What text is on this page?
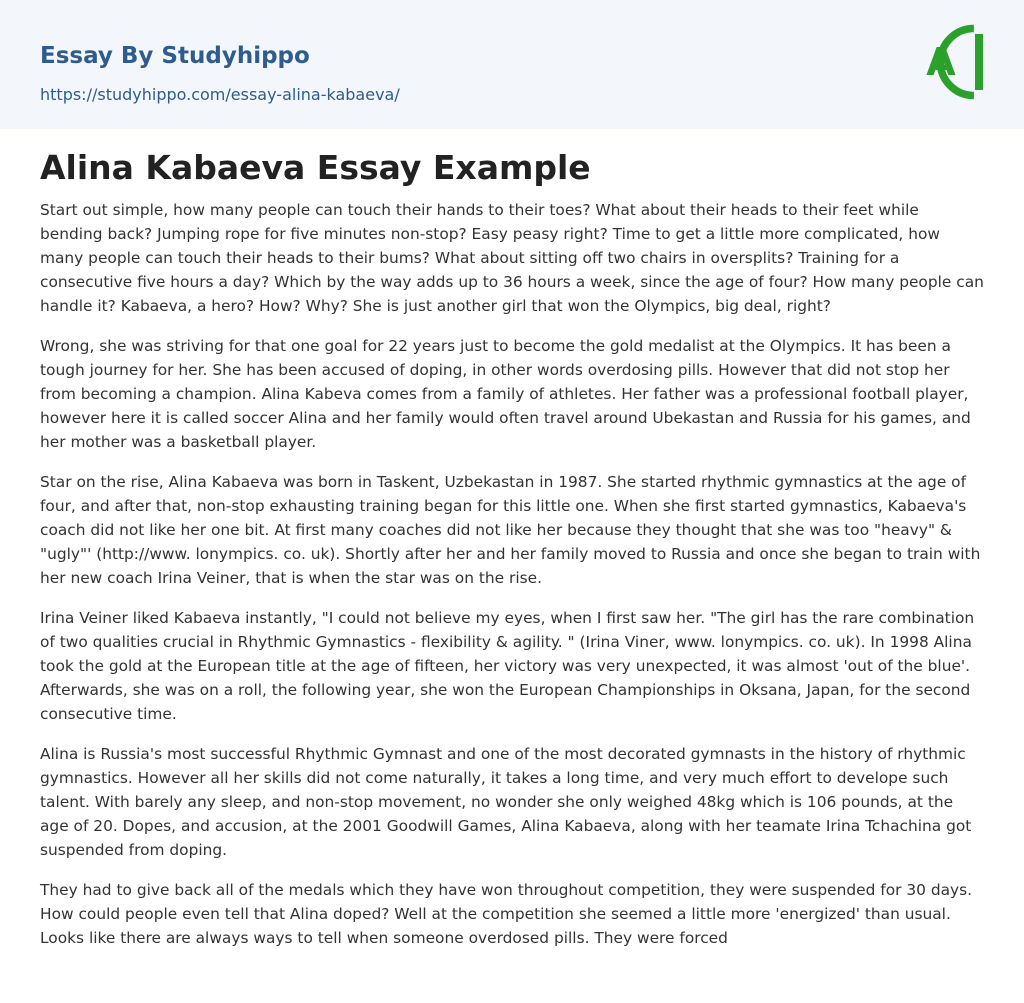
Essay By Studyhippo
https://studyhippo.com/essay-alina-kabaeva/
A
Alina Kabaeva Essay Example

Start out simple, how many people can touch their hands to their toes? What about their heads to their feet while bending back? Jumping rope for five minutes non-stop? Easy peasy right? Time to get a little more complicated, how many people can touch their heads to their bums? What about sitting off two chairs in oversplits? Training for a consecutive five hours a day? Which by the way adds up to 36 hours a week, since the age of four? How many people can handle it? Kabaeva, a hero? How? Why? She is just another girl that won the Olympics, big deal, right?

Wrong, she was striving for that one goal for 22 years just to become the gold medalist at the Olympics. It has been a tough journey for her. She has been accused of doping, in other words overdosing pills. However that did not stop her from becoming a champion. Alina Kabeva comes from a family of athletes. Her father was a professional football player, however here it is called soccer Alina and her family would often travel around Ubekastan and Russia for his games, and her mother was a basketball player.

Star on the rise, Alina Kabaeva was born in Taskent, Uzbekastan in 1987. She started rhythmic gymnastics at the age of four, and after that, non-stop exhausting training began for this little one. When she first started gymnastics, Kabaeva's coach did not like her one bit. At first many coaches did not like her because they thought that she was too "heavy" & "ugly"' (http://www. lonympics. co. uk). Shortly after her and her family moved to Russia and once she began to train with her new coach Irina Veiner, that is when the star was on the rise.

Irina Veiner liked Kabaeva instantly, "I could not believe my eyes, when I first saw her. "The girl has the rare combination of two qualities crucial in Rhythmic Gymnastics - flexibility & agility. " (Irina Viner, www. lonympics. co. uk). In 1998 Alina took the gold at the European title at the age of fifteen, her victory was very unexpected, it was almost 'out of the blue'. Afterwards, she was on a roll, the following year, she won the European Championships in Oksana, Japan, for the second consecutive time.

Alina is Russia's most successful Rhythmic Gymnast and one of the most decorated gymnasts in the history of rhythmic gymnastics. However all her skills did not come naturally, it takes a long time, and very much effort to develope such talent. With barely any sleep, and non-stop movement, no wonder she only weighed 48kg which is 106 pounds, at the age of 20. Dopes, and accusion, at the 2001 Goodwill Games, Alina Kabaeva, along with her teamate Irina Tchachina got suspended from doping.

They had to give back all of the medals which they have won throughout competition, they were suspended for 30 days. How could people even tell that Alina doped? Well at the competition she seemed a little more 'energized' than usual. Looks like there are always ways to tell when someone overdosed pills. They were forced
